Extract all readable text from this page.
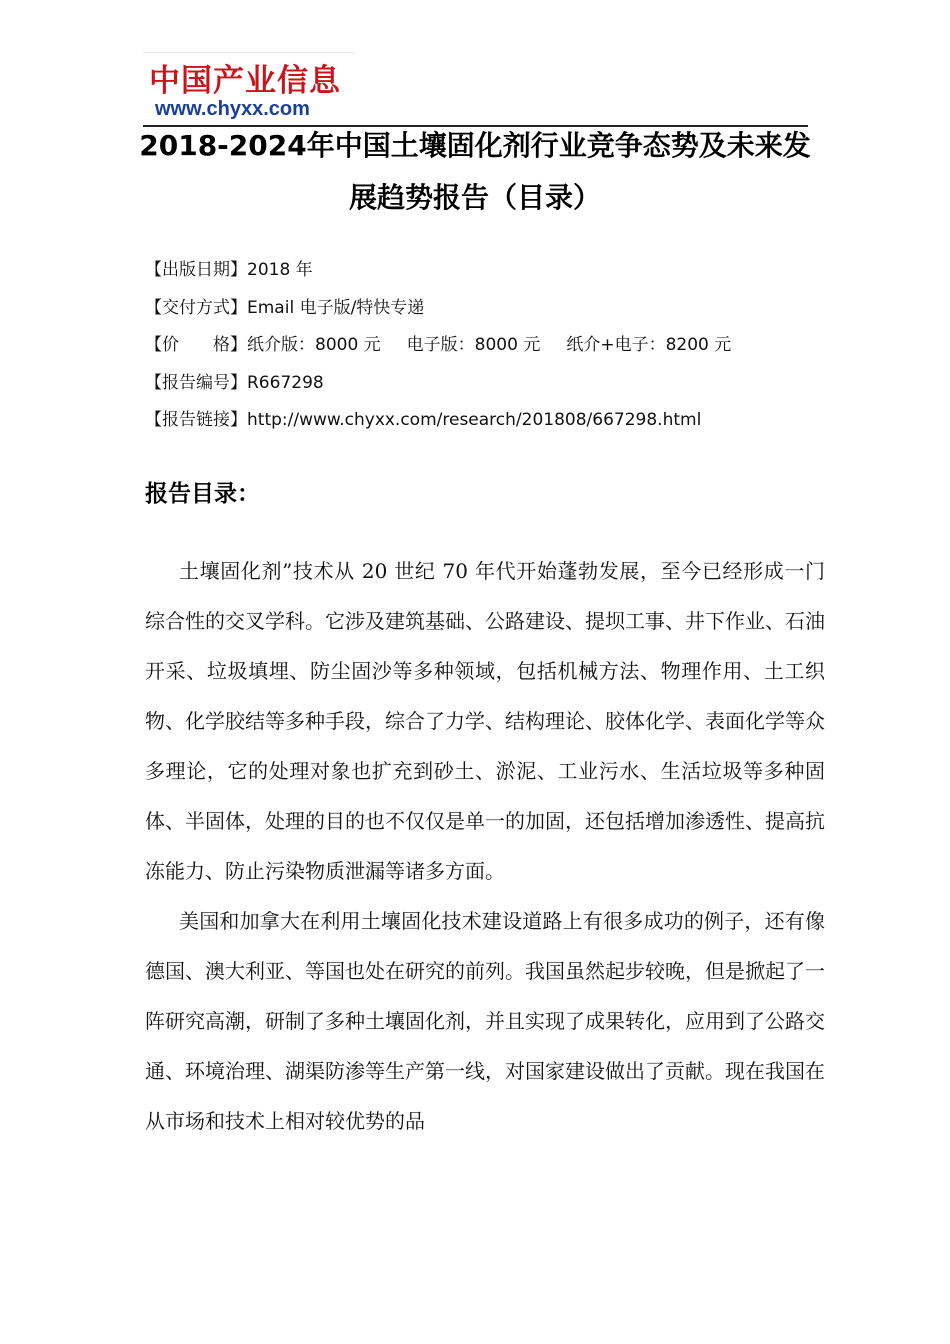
中国产业信息
www.chyxx.com
2018-2024年中国土壤固化剂行业竞争态势及未来发展趋势报告（目录）
【出版日期】2018 年
【交付方式】Email 电子版/特快专递
【价　　格】纸介版：8000 元 电子版：8000 元 纸介+电子：8200 元
【报告编号】R667298
【报告链接】http://www.chyxx.com/research/201808/667298.html
报告目录：

土壤固化剂”技术从 20 世纪 70 年代开始蓬勃发展，至今已经形成一门综合性的交叉学科。它涉及建筑基础、公路建设、提坝工事、井下作业、石油开采、垃圾填埋、防尘固沙等多种领域，包括机械方法、物理作用、土工织物、化学胶结等多种手段，综合了力学、结构理论、胶体化学、表面化学等众多理论，它的处理对象也扩充到砂土、淤泥、工业污水、生活垃圾等多种固体、半固体，处理的目的也不仅仅是单一的加固，还包括增加渗透性、提高抗冻能力、防止污染物质泄漏等诸多方面。

美国和加拿大在利用土壤固化技术建设道路上有很多成功的例子，还有像德国、澳大利亚、等国也处在研究的前列。我国虽然起步较晚，但是掀起了一阵研究高潮，研制了多种土壤固化剂，并且实现了成果转化，应用到了公路交通、环境治理、湖渠防渗等生产第一线，对国家建设做出了贡献。现在我国在从市场和技术上相对较优势的品
